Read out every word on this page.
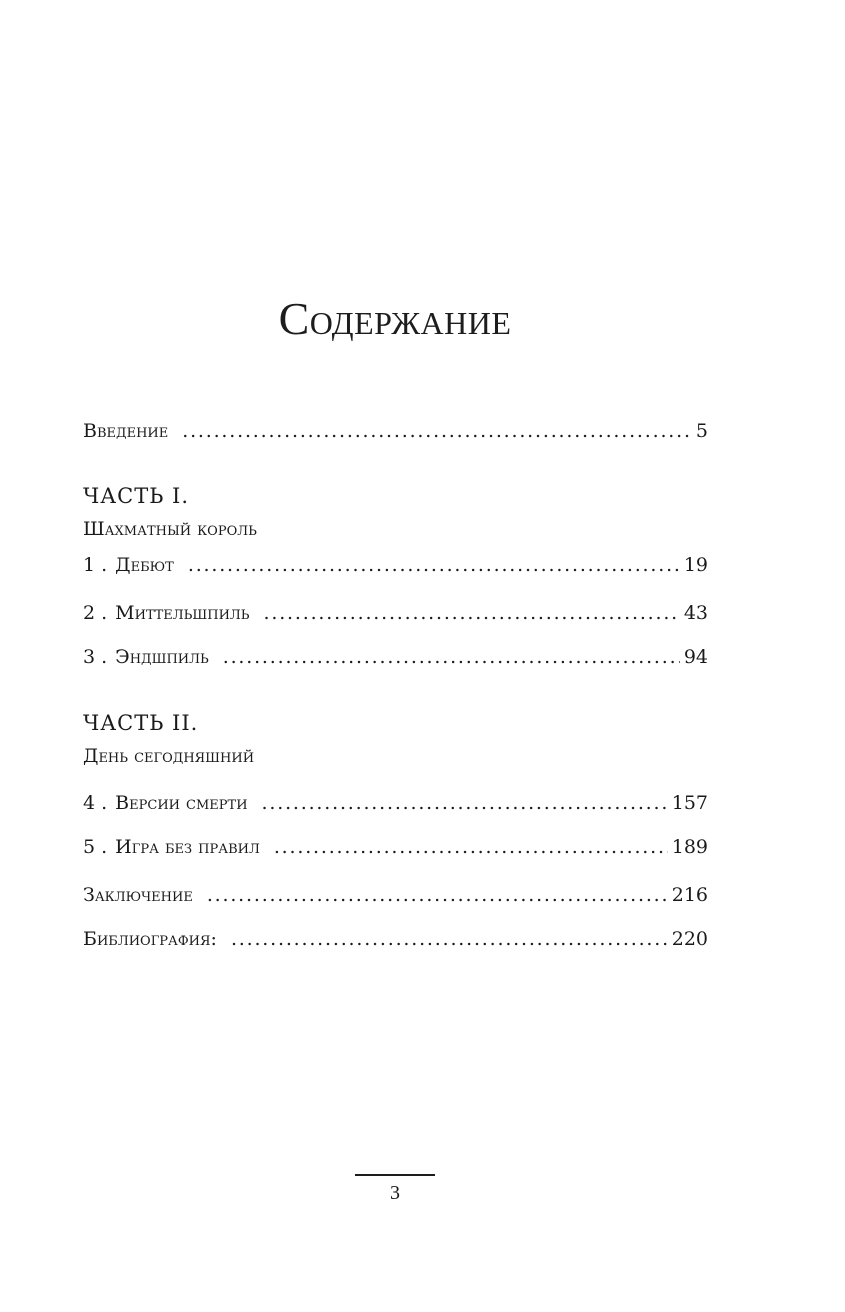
Содержание
Введение .....	5
ЧАСТЬ I.
Шахматный король
1 . Дебют .....	19
2 . Миттельшпиль .....	43
3 . Эндшпиль .....	94
ЧАСТЬ II.
День сегодняшний
4 . Версии смерти .....	157
5 . Игра без правил .....	189
Заключение .....	216
Библиография: .....	220
3
